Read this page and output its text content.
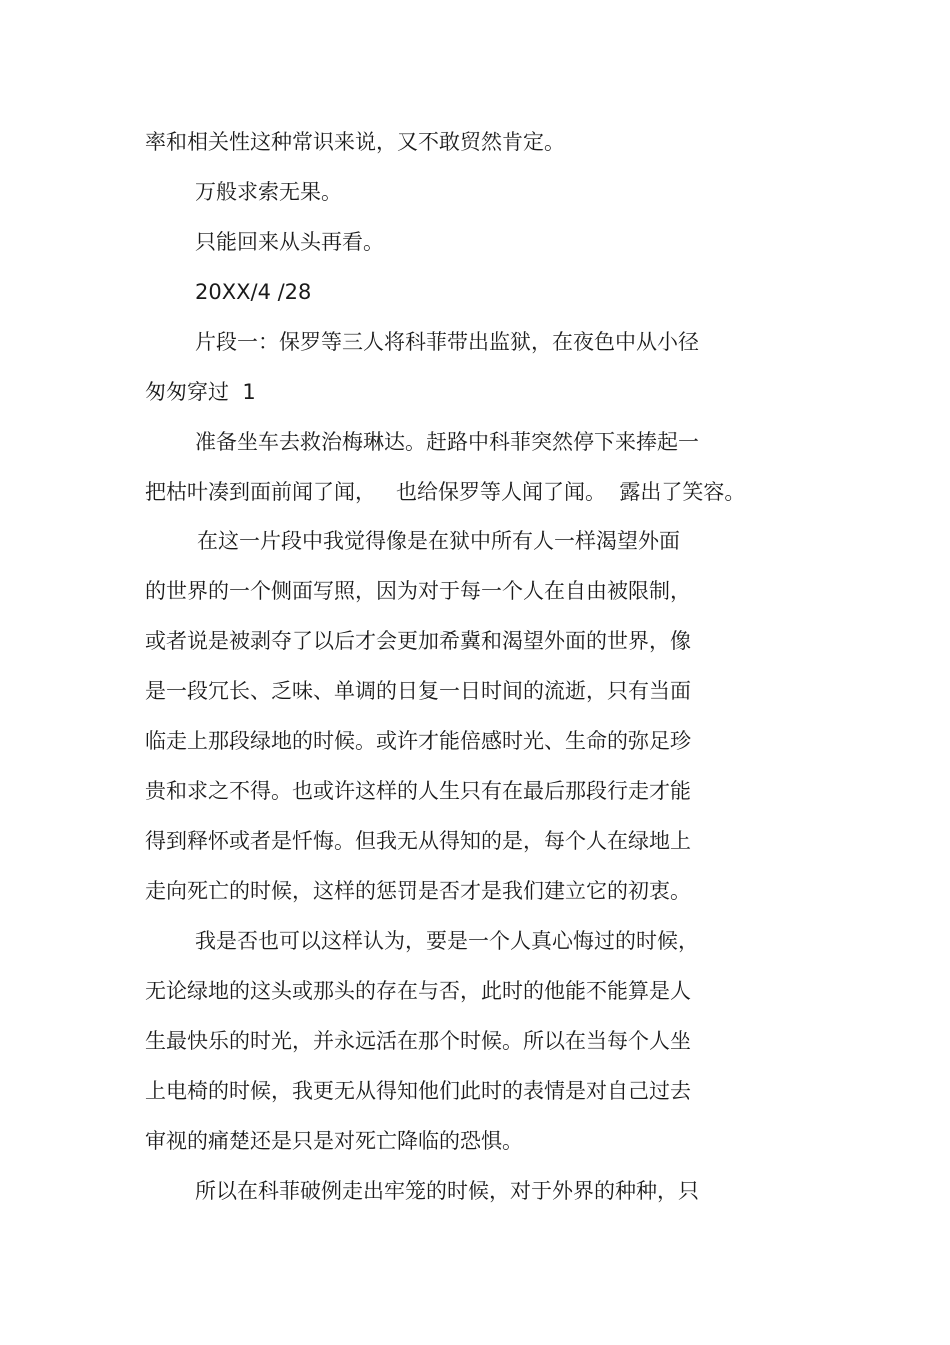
率和相关性这种常识来说，又不敢贸然肯定。

万般求索无果。

只能回来从头再看。

20XX/4 /28

片段一：保罗等三人将科菲带出监狱，在夜色中从小径

匆匆穿过  1

准备坐车去救治梅琳达。赶路中科菲突然停下来捧起一

把枯叶凑到面前闻了闻，   也给保罗等人闻了闻。  露出了笑容。

在这一片段中我觉得像是在狱中所有人一样渴望外面

的世界的一个侧面写照，因为对于每一个人在自由被限制，

或者说是被剥夺了以后才会更加希冀和渴望外面的世界，像

是一段冗长、乏味、单调的日复一日时间的流逝，只有当面

临走上那段绿地的时候。或许才能倍感时光、生命的弥足珍

贵和求之不得。也或许这样的人生只有在最后那段行走才能

得到释怀或者是忏悔。但我无从得知的是，每个人在绿地上

走向死亡的时候，这样的惩罚是否才是我们建立它的初衷。

我是否也可以这样认为，要是一个人真心悔过的时候，

无论绿地的这头或那头的存在与否，此时的他能不能算是人

生最快乐的时光，并永远活在那个时候。所以在当每个人坐

上电椅的时候，我更无从得知他们此时的表情是对自己过去

审视的痛楚还是只是对死亡降临的恐惧。

所以在科菲破例走出牢笼的时候，对于外界的种种，只
